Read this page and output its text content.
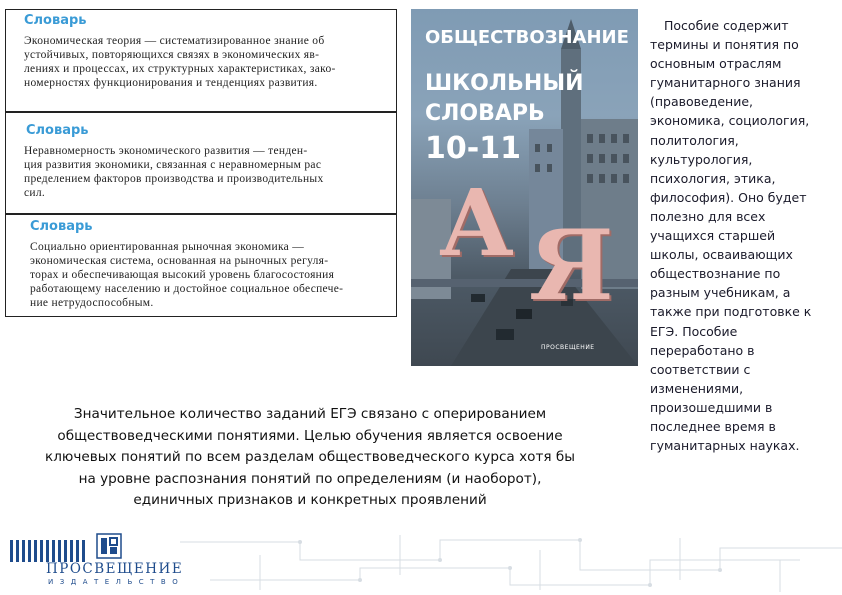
Словарь
Экономическая теория — систематизированное знание об
устойчивых, повторяющихся связях в экономических яв-
лениях и процессах, их структурных характеристиках, зако-
номерностях функционирования и тенденциях развития.
Словарь
Неравномерность экономического развития — тенден-
ция развития экономики, связанная с неравномерным рас
пределением факторов производства и производительных
сил.
Словарь
Социально ориентированная рыночная экономика —
экономическая система, основанная на рыночных регуля-
торах и обеспечивающая высокий уровень благосостояния
работающему населению и достойное социальное обеспече-
ние нетрудоспособным.
ОБЩЕСТВОЗНАНИЕ
ШКОЛЬНЫЙ
СЛОВАРЬ
10-11
А Я
ПРОСВЕЩЕНИЕ
Пособие содержит термины и понятия по основным отраслям гуманитарного знания (правоведение, экономика, социология, политология, культурология, психология, этика, философия). Оно будет полезно для всех учащихся старшей школы, осваивающих обществознание по разным учебникам, а также при подготовке к ЕГЭ. Пособие переработано в соответствии с изменениями, произошедшими в последнее время в гуманитарных науках.
Значительное количество заданий ЕГЭ связано с оперированием
обществоведческими понятиями. Целью обучения является освоение
ключевых понятий по всем разделам обществоведческого курса хотя бы
на уровне распознания понятий по определениям (и наоборот),
единичных признаков и конкретных проявлений
ПРОСВЕЩЕНИЕ
ИЗДАТЕЛЬСТВО
